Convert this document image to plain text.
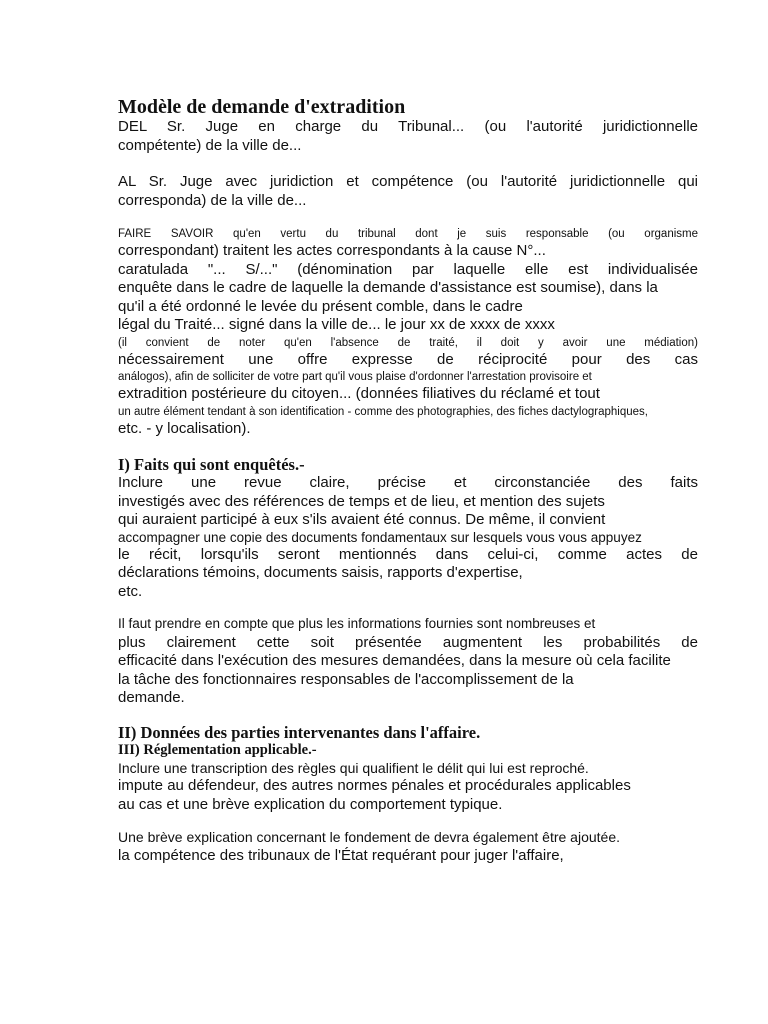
Modèle de demande d'extradition
DEL Sr. Juge en charge du Tribunal... (ou l'autorité juridictionnelle
compétente) de la ville de...
AL Sr. Juge avec juridiction et compétence (ou l'autorité juridictionnelle qui
corresponda) de la ville de...
FAIRE SAVOIR qu'en vertu du tribunal dont je suis responsable (ou organisme
correspondant) traitent les actes correspondants à la cause N°...
caratulada "... S/..." (dénomination par laquelle elle est individualisée
enquête dans le cadre de laquelle la demande d'assistance est soumise), dans la
qu'il a été ordonné le levée du présent comble, dans le cadre
légal du Traité... signé dans la ville de... le jour xx de xxxx de xxxx
(il convient de noter qu'en l'absence de traité, il doit y avoir une médiation)
nécessairement une offre expresse de réciprocité pour des cas
análogos), afin de solliciter de votre part qu'il vous plaise d'ordonner l'arrestation provisoire et
extradition postérieure du citoyen... (données filiatives du réclamé et tout
un autre élément tendant à son identification - comme des photographies, des fiches dactylographiques,
etc. - y localisation).
I) Faits qui sont enquêtés.-
Inclure une revue claire, précise et circonstanciée des faits
investigés avec des références de temps et de lieu, et mention des sujets
qui auraient participé à eux s'ils avaient été connus. De même, il convient
accompagner une copie des documents fondamentaux sur lesquels vous vous appuyez
le récit, lorsqu'ils seront mentionnés dans celui-ci, comme actes de
déclarations témoins, documents saisis, rapports d'expertise,
etc.
Il faut prendre en compte que plus les informations fournies sont nombreuses et
plus clairement cette soit présentée augmentent les probabilités de
efficacité dans l'exécution des mesures demandées, dans la mesure où cela facilite
la tâche des fonctionnaires responsables de l'accomplissement de la
demande.
II) Données des parties intervenantes dans l'affaire.
III) Réglementation applicable.-
Inclure une transcription des règles qui qualifient le délit qui lui est reproché.
impute au défendeur, des autres normes pénales et procédurales applicables
au cas et une brève explication du comportement typique.
Une brève explication concernant le fondement de devra également être ajoutée.
la compétence des tribunaux de l'État requérant pour juger l'affaire,
